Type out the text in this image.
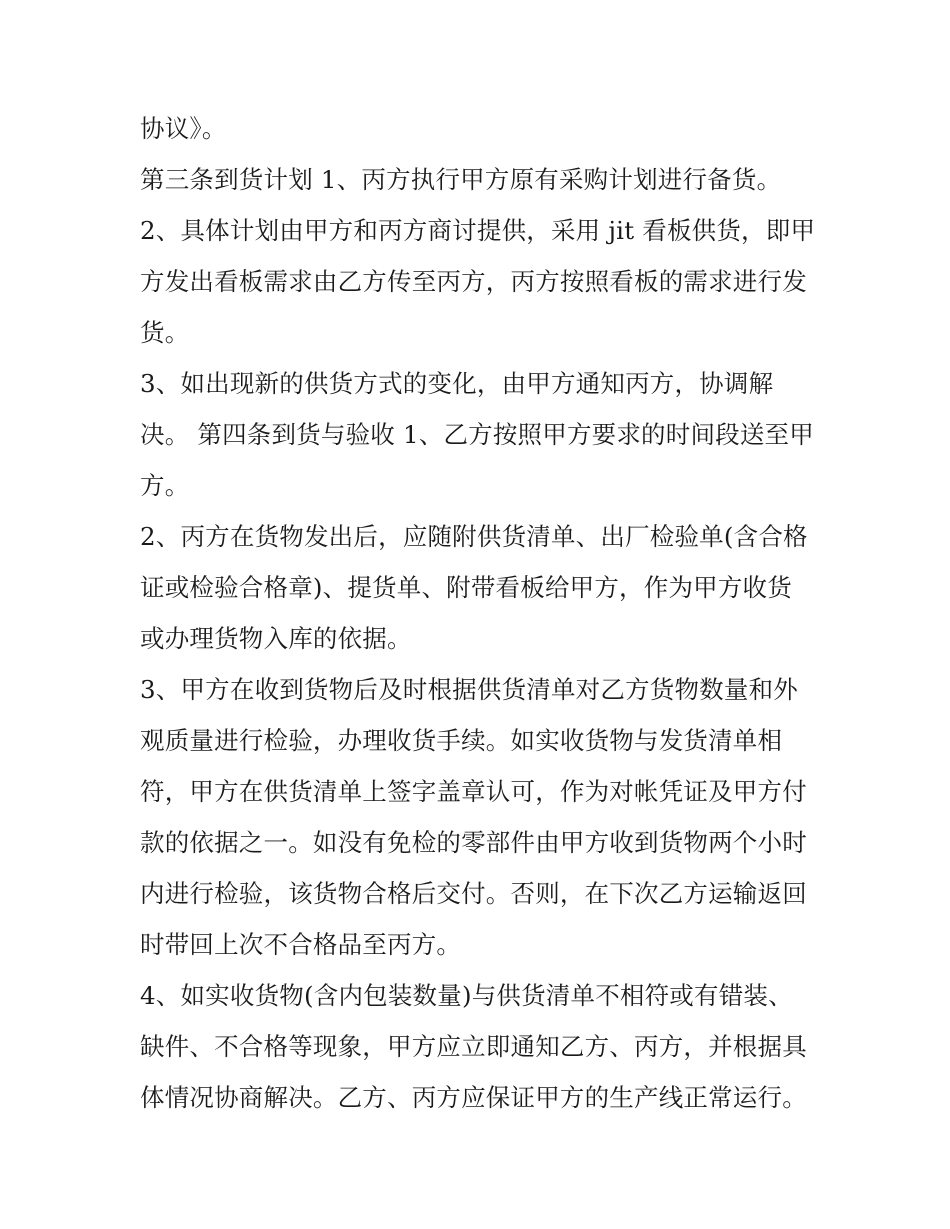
协议》。
第三条到货计划 1、丙方执行甲方原有采购计划进行备货。
2、具体计划由甲方和丙方商讨提供，采用 jit 看板供货，即甲
方发出看板需求由乙方传至丙方，丙方按照看板的需求进行发
货。
3、如出现新的供货方式的变化，由甲方通知丙方，协调解
决。 第四条到货与验收 1、乙方按照甲方要求的时间段送至甲
方。
2、丙方在货物发出后，应随附供货清单、出厂检验单(含合格
证或检验合格章)、提货单、附带看板给甲方，作为甲方收货
或办理货物入库的依据。
3、甲方在收到货物后及时根据供货清单对乙方货物数量和外
观质量进行检验，办理收货手续。如实收货物与发货清单相
符，甲方在供货清单上签字盖章认可，作为对帐凭证及甲方付
款的依据之一。如没有免检的零部件由甲方收到货物两个小时
内进行检验，该货物合格后交付。否则，在下次乙方运输返回
时带回上次不合格品至丙方。
4、如实收货物(含内包装数量)与供货清单不相符或有错装、
缺件、不合格等现象，甲方应立即通知乙方、丙方，并根据具
体情况协商解决。乙方、丙方应保证甲方的生产线正常运行。
